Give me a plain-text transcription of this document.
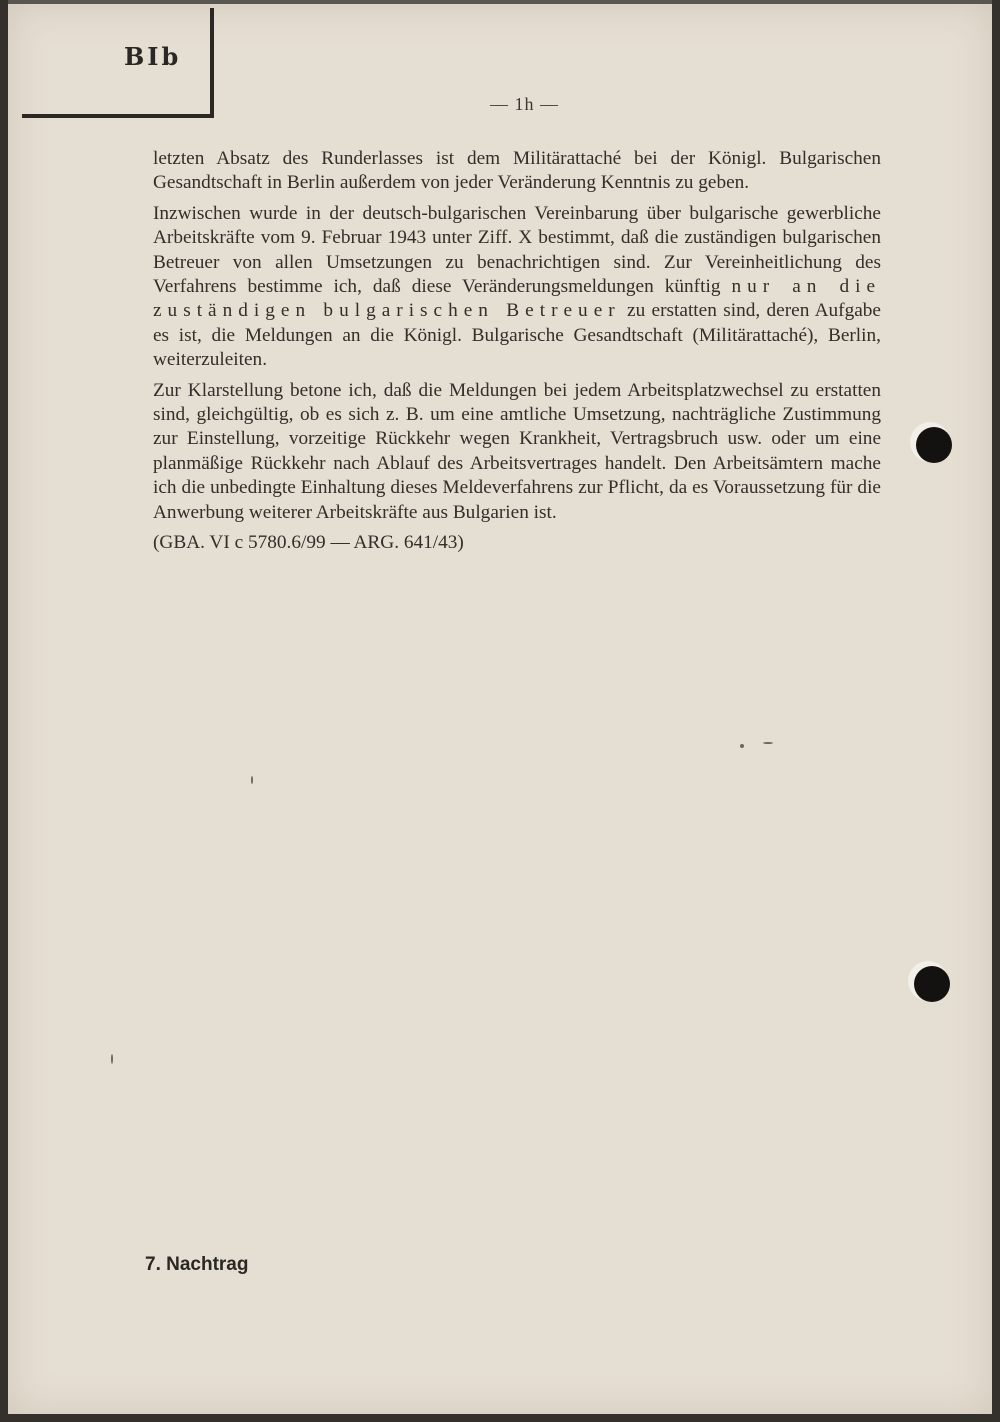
BIb
— 1h —

letzten Absatz des Runderlasses ist dem Militärattaché bei der Königl. Bulgarischen Gesandtschaft in Berlin außerdem von jeder Veränderung Kenntnis zu geben.

Inzwischen wurde in der deutsch-bulgarischen Vereinbarung über bulgarische gewerbliche Arbeitskräfte vom 9. Februar 1943 unter Ziff. X bestimmt, daß die zuständigen bulgarischen Betreuer von allen Umsetzungen zu benachrichtigen sind. Zur Vereinheitlichung des Verfahrens bestimme ich, daß diese Veränderungsmeldungen künftig nur an die zuständigen bulgarischen Betreuer zu erstatten sind, deren Aufgabe es ist, die Meldungen an die Königl. Bulgarische Gesandtschaft (Militärattaché), Berlin, weiterzuleiten.

Zur Klarstellung betone ich, daß die Meldungen bei jedem Arbeitsplatzwechsel zu erstatten sind, gleichgültig, ob es sich z. B. um eine amtliche Umsetzung, nachträgliche Zustimmung zur Einstellung, vorzeitige Rückkehr wegen Krankheit, Vertragsbruch usw. oder um eine planmäßige Rückkehr nach Ablauf des Arbeitsvertrages handelt. Den Arbeitsämtern mache ich die unbedingte Einhaltung dieses Meldeverfahrens zur Pflicht, da es Voraussetzung für die Anwerbung weiterer Arbeitskräfte aus Bulgarien ist.

(GBA. VI c 5780.6/99 — ARG. 641/43)

7. Nachtrag
